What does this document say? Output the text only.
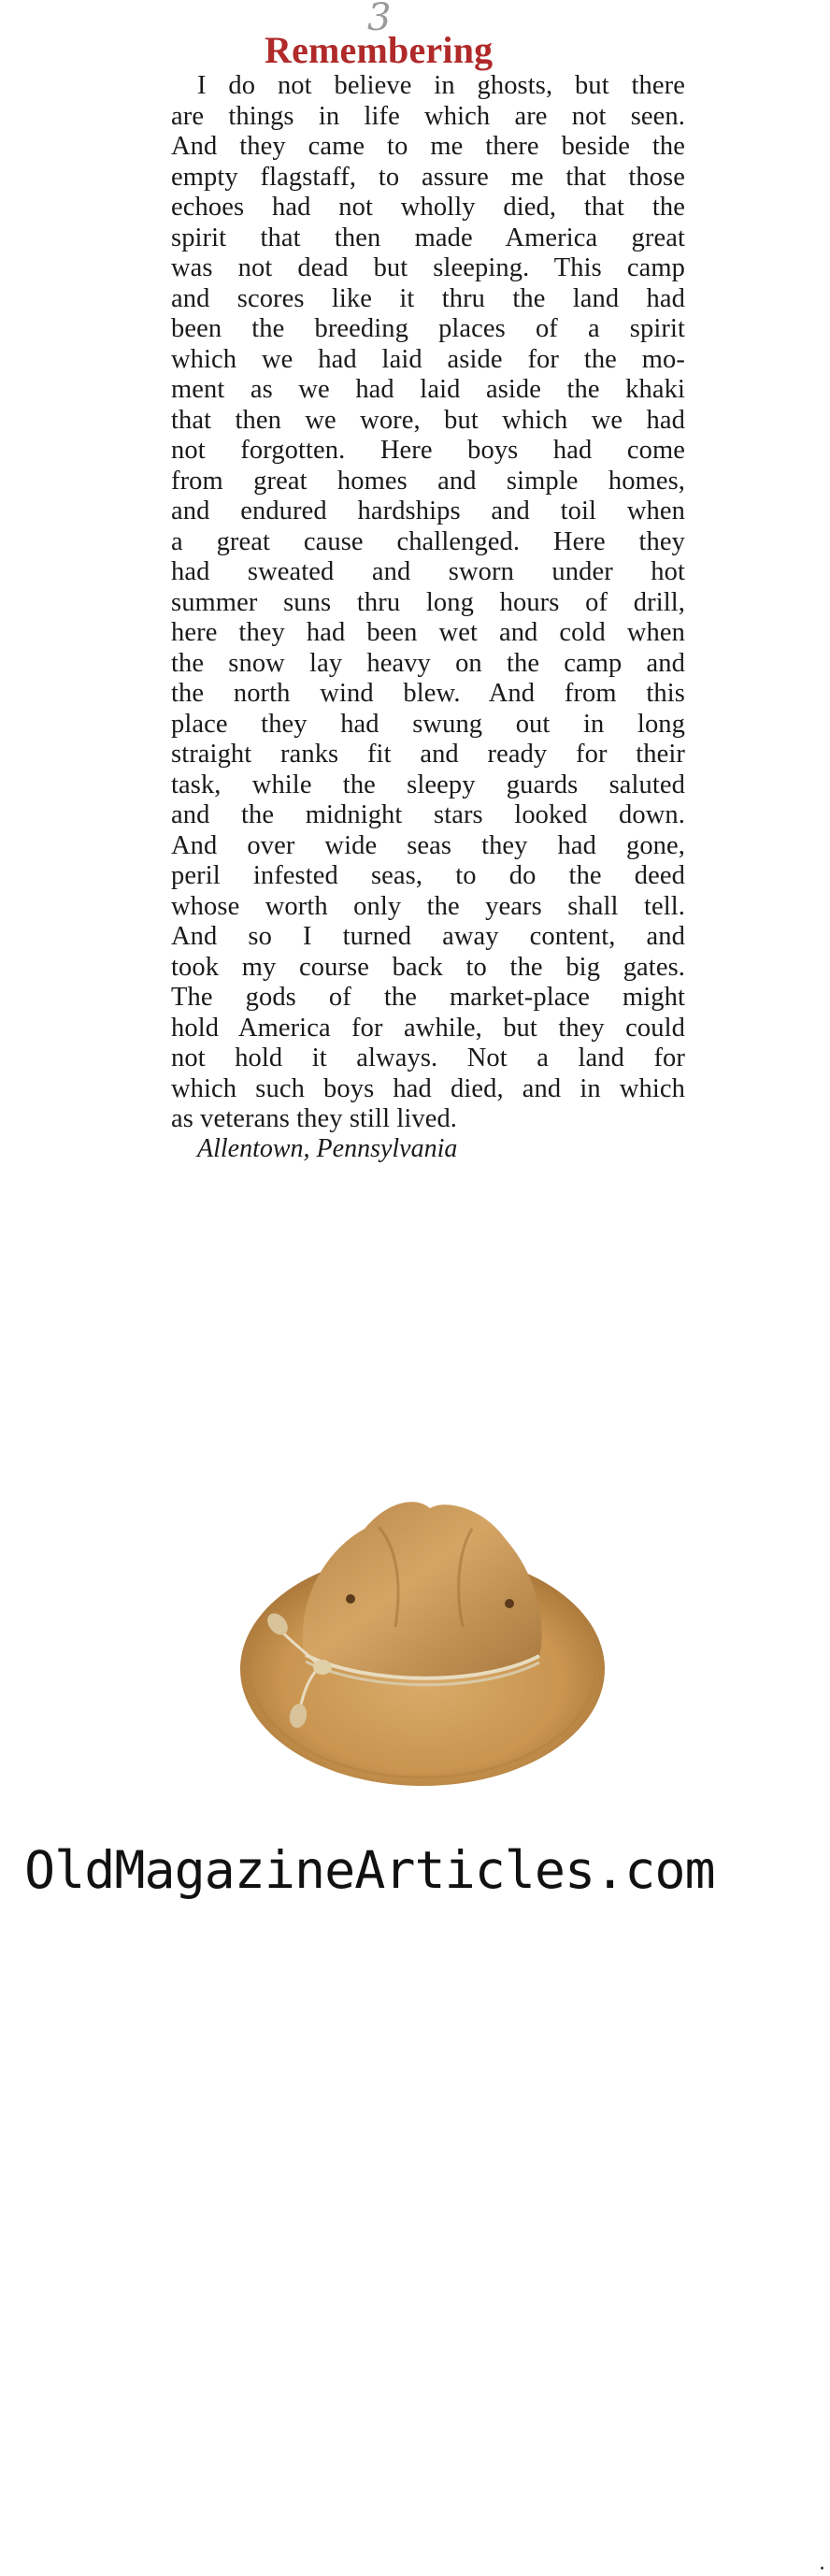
3
Remembering
I do not believe in ghosts, but there
are things in life which are not seen.
And they came to me there beside the
empty flagstaff, to assure me that those
echoes had not wholly died, that the
spirit that then made America great
was not dead but sleeping. This camp
and scores like it thru the land had
been the breeding places of a spirit
which we had laid aside for the mo-
ment as we had laid aside the khaki
that then we wore, but which we had
not forgotten. Here boys had come
from great homes and simple homes,
and endured hardships and toil when
a great cause challenged. Here they
had sweated and sworn under hot
summer suns thru long hours of drill,
here they had been wet and cold when
the snow lay heavy on the camp and
the north wind blew. And from this
place they had swung out in long
straight ranks fit and ready for their
task, while the sleepy guards saluted
and the midnight stars looked down.
And over wide seas they had gone,
peril infested seas, to do the deed
whose worth only the years shall tell.
And so I turned away content, and
took my course back to the big gates.
The gods of the market-place might
hold America for awhile, but they could
not hold it always. Not a land for
which such boys had died, and in which
as veterans they still lived.
Allentown, Pennsylvania
OldMagazineArticles.com
